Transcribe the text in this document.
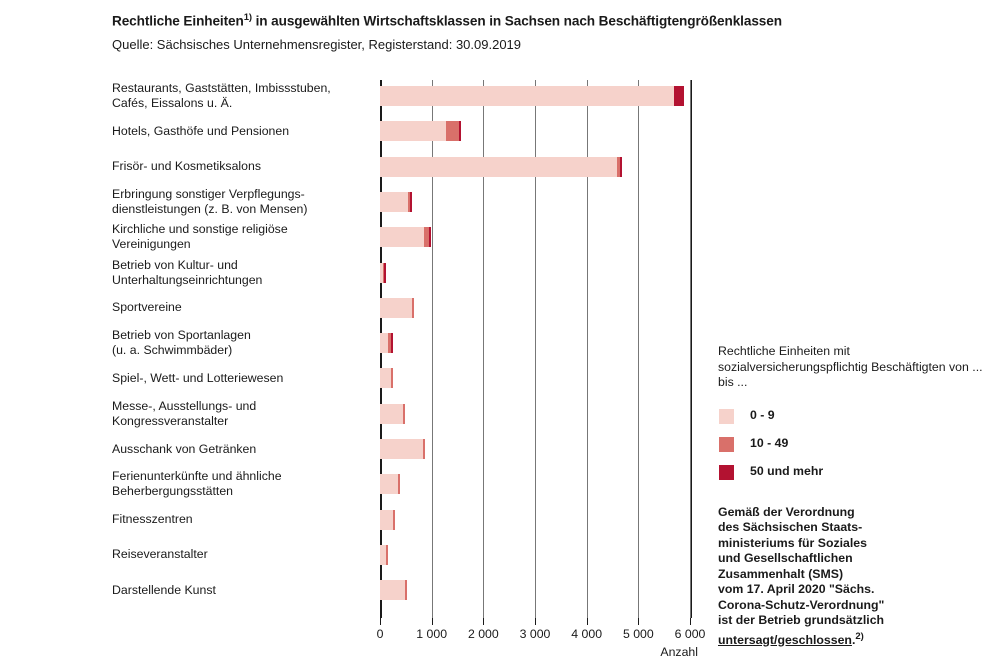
Rechtliche Einheiten$^{1)}$ in ausgewählten Wirtschaftsklassen in Sachsen nach Beschäftigtengrößenklassen

Quelle: Sächsisches Unternehmensregister, Registerstand: 30.09.2019

Restaurants, Gaststätten, Imbissstuben,
Cafés, Eissalons u. Ä.
Hotels, Gasthöfe und Pensionen
Frisör- und Kosmetiksalons
Erbringung sonstiger Verpflegungs-
dienstleistungen (z. B. von Mensen)
Kirchliche und sonstige religiöse
Vereinigungen
Betrieb von Kultur- und
Unterhaltungseinrichtungen
Sportvereine
Betrieb von Sportanlagen
(u. a. Schwimmbäder)
Spiel-, Wett- und Lotteriewesen
Messe-, Ausstellungs- und
Kongressveranstalter
Ausschank von Getränken
Ferienunterkünfte und ähnliche
Beherbergungsstätten
Fitnesszentren
Reiseveranstalter
Darstellende Kunst
0	1 000	2 000	3 000	4 000	5 000	6 000
Anzahl
Rechtliche Einheiten mit sozialversicherungspflichtig Beschäftigten von ... bis ...
0 - 9
10 - 49
50 und mehr
Gemäß der Verordnung
des Sächsischen Staats-
ministeriums für Soziales
und Gesellschaftlichen
Zusammenhalt (SMS)
vom 17. April 2020 "Sächs.
Corona-Schutz-Verordnung"
ist der Betrieb grundsätzlich
untersagt/geschlossen.$^{2)}$
